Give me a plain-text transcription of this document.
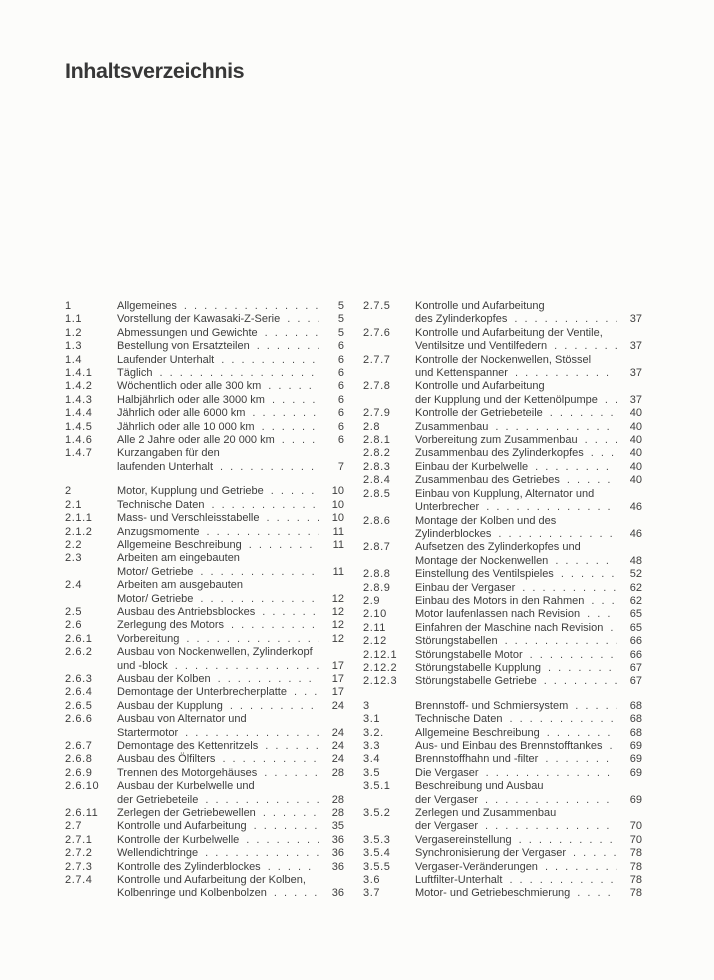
Inhaltsverzeichnis
1	Allgemeines . . .	5
1.1	Vorstellung der Kawasaki-Z-Serie . . .	5
1.2	Abmessungen und Gewichte . . .	5
1.3	Bestellung von Ersatzteilen . . .	6
1.4	Laufender Unterhalt . . .	6
1.4.1	Täglich . . .	6
1.4.2	Wöchentlich oder alle 300 km . . .	6
1.4.3	Halbjährlich oder alle 3000 km . . .	6
1.4.4	Jährlich oder alle 6000 km . . .	6
1.4.5	Jährlich oder alle 10 000 km . . .	6
1.4.6	Alle 2 Jahre oder alle 20 000 km . . .	6
1.4.7	Kurzangaben für den
laufenden Unterhalt . . .	7
2	Motor, Kupplung und Getriebe . . .	10
2.1	Technische Daten . . .	10
2.1.1	Mass- und Verschleisstabelle . . .	10
2.1.2	Anzugsmomente . . .	11
2.2	Allgemeine Beschreibung . . .	11
2.3	Arbeiten am eingebauten
Motor/ Getriebe . . .	11
2.4	Arbeiten am ausgebauten
Motor/ Getriebe . . .	12
2.5	Ausbau des Antriebsblockes . . .	12
2.6	Zerlegung des Motors . . .	12
2.6.1	Vorbereitung . . .	12
2.6.2	Ausbau von Nockenwellen, Zylinderkopf
und -block . . .	17
2.6.3	Ausbau der Kolben . . .	17
2.6.4	Demontage der Unterbrecherplatte . . .	17
2.6.5	Ausbau der Kupplung . . .	24
2.6.6	Ausbau von Alternator und
Startermotor . . .	24
2.6.7	Demontage des Kettenritzels . . .	24
2.6.8	Ausbau des Ölfilters . . .	24
2.6.9	Trennen des Motorgehäuses . . .	28
2.6.10	Ausbau der Kurbelwelle und
der Getriebeteile . . .	28
2.6.11	Zerlegen der Getriebewellen . . .	28
2.7	Kontrolle und Aufarbeitung . . .	35
2.7.1	Kontrolle der Kurbelwelle . . .	36
2.7.2	Wellendichtringe . . .	36
2.7.3	Kontrolle des Zylinderblockes . . .	36
2.7.4	Kontrolle und Aufarbeitung der Kolben,
Kolbenringe und Kolbenbolzen . . .	36
2.7.5	Kontrolle und Aufarbeitung
des Zylinderkopfes . . .	37
2.7.6	Kontrolle und Aufarbeitung der Ventile,
Ventilsitze und Ventilfedern . . .	37
2.7.7	Kontrolle der Nockenwellen, Stössel
und Kettenspanner . . .	37
2.7.8	Kontrolle und Aufarbeitung
der Kupplung und der Kettenölpumpe . . .	37
2.7.9	Kontrolle der Getriebeteile . . .	40
2.8	Zusammenbau . . .	40
2.8.1	Vorbereitung zum Zusammenbau . . .	40
2.8.2	Zusammenbau des Zylinderkopfes . . .	40
2.8.3	Einbau der Kurbelwelle . . .	40
2.8.4	Zusammenbau des Getriebes . . .	40
2.8.5	Einbau von Kupplung, Alternator und
Unterbrecher . . .	46
2.8.6	Montage der Kolben und des
Zylinderblockes . . .	46
2.8.7	Aufsetzen des Zylinderkopfes und
Montage der Nockenwellen . . .	48
2.8.8	Einstellung des Ventilspieles . . .	52
2.8.9	Einbau der Vergaser . . .	62
2.9	Einbau des Motors in den Rahmen . . .	62
2.10	Motor laufenlassen nach Revision . . .	65
2.11	Einfahren der Maschine nach Revision . . .	65
2.12	Störungstabellen . . .	66
2.12.1	Störungstabelle Motor . . .	66
2.12.2	Störungstabelle Kupplung . . .	67
2.12.3	Störungstabelle Getriebe . . .	67
3	Brennstoff- und Schmiersystem . . .	68
3.1	Technische Daten . . .	68
3.2.	Allgemeine Beschreibung . . .	68
3.3	Aus- und Einbau des Brennstofftankes . . .	69
3.4	Brennstoffhahn und -filter . . .	69
3.5	Die Vergaser . . .	69
3.5.1	Beschreibung und Ausbau
der Vergaser . . .	69
3.5.2	Zerlegen und Zusammenbau
der Vergaser . . .	70
3.5.3	Vergasereinstellung . . .	70
3.5.4	Synchronisierung der Vergaser . . .	78
3.5.5	Vergaser-Veränderungen . . .	78
3.6	Luftfilter-Unterhalt . . .	78
3.7	Motor- und Getriebeschmierung . . .	78
